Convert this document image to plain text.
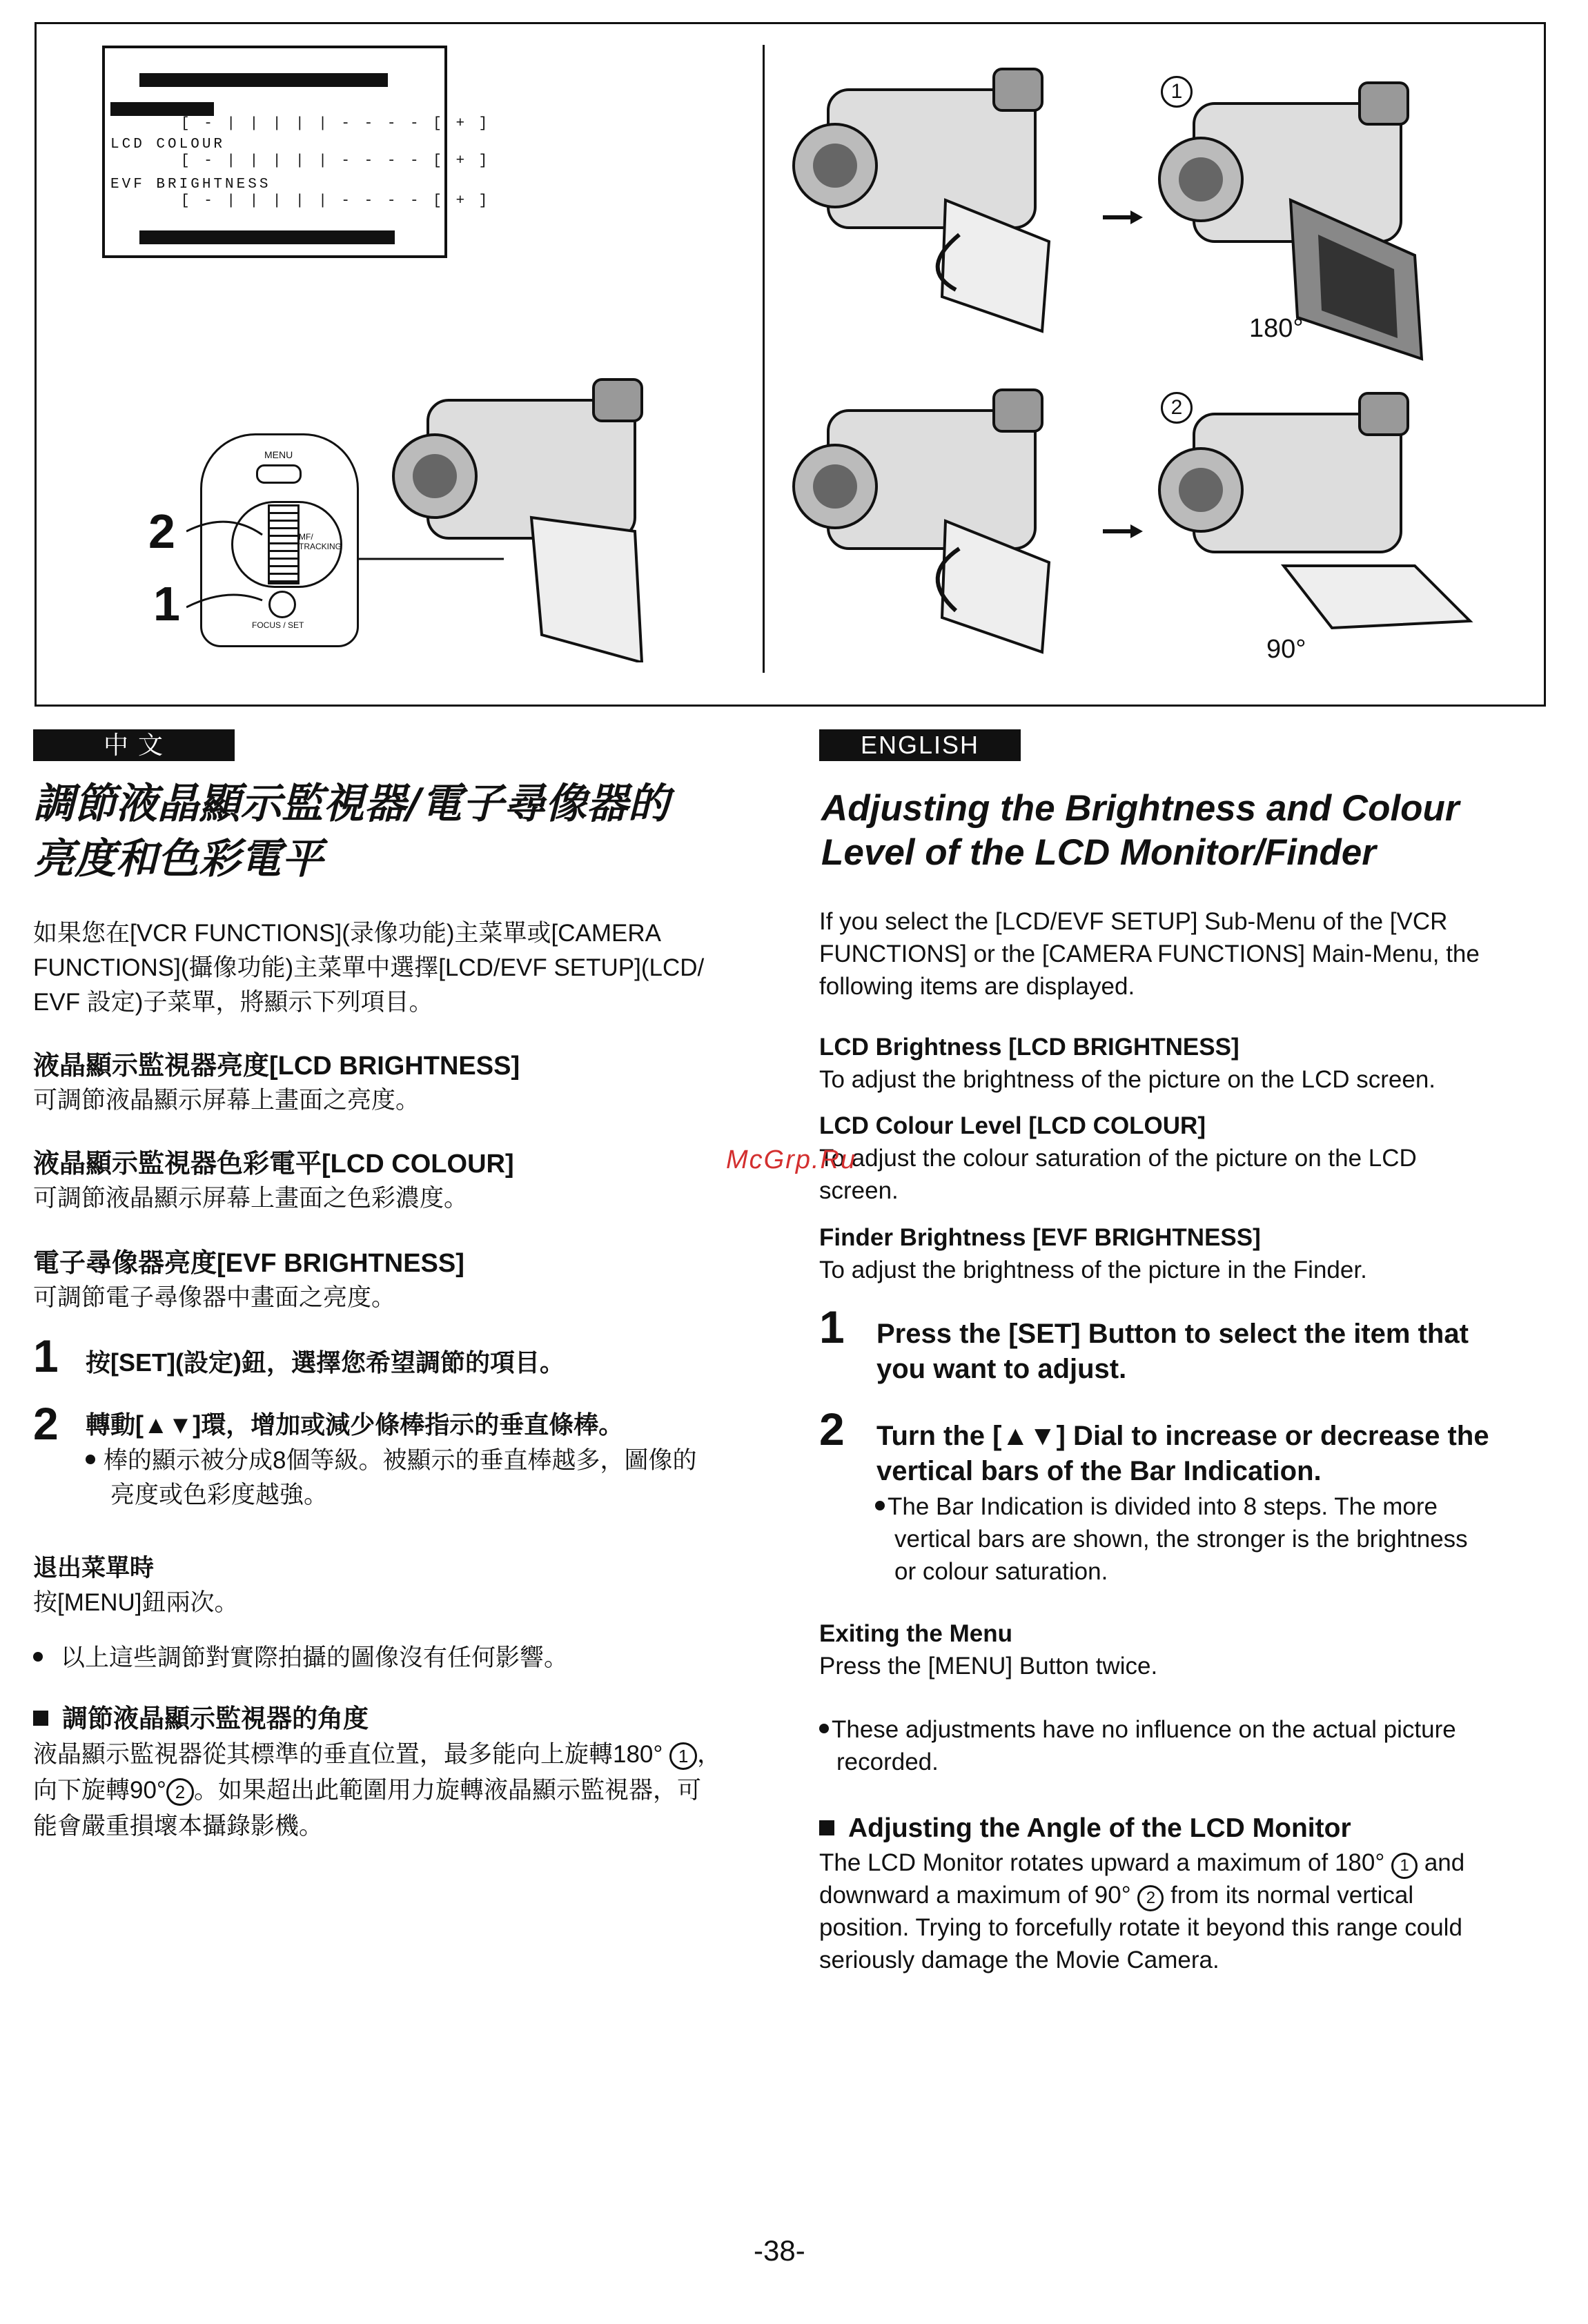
[ - | | | | | - - - - [ + ]
LCD COLOUR
[ - | | | | | - - - - [ + ]
EVF BRIGHTNESS
[ - | | | | | - - - - [ + ]
MENU
MF/ TRACKING
FOCUS / SET
2
1
1
180°
2
90°
中 文
調節液晶顯示監視器/電子尋像器的
亮度和色彩電平
如果您在[VCR FUNCTIONS](录像功能)主菜單或[CAMERA
FUNCTIONS](攝像功能)主菜單中選擇[LCD/EVF SETUP](LCD/
EVF 設定)子菜單，將顯示下列項目。
液晶顯示監視器亮度[LCD BRIGHTNESS]
可調節液晶顯示屏幕上畫面之亮度。
液晶顯示監視器色彩電平[LCD COLOUR]
可調節液晶顯示屏幕上畫面之色彩濃度。
電子尋像器亮度[EVF BRIGHTNESS]
可調節電子尋像器中畫面之亮度。
1 按[SET](設定)鈕，選擇您希望調節的項目。
2 轉動[▲▼]環，增加或減少條棒指示的垂直條棒。
棒的顯示被分成8個等級。被顯示的垂直棒越多，圖像的
亮度或色彩度越強。
退出菜單時
按[MENU]鈕兩次。
以上這些調節對實際拍攝的圖像沒有任何影響。
調節液晶顯示監視器的角度
液晶顯示監視器從其標準的垂直位置，最多能向上旋轉180° 1 ，
向下旋轉90° 2 。如果超出此範圍用力旋轉液晶顯示監視器，可
能會嚴重損壞本攝錄影機。
ENGLISH
Adjusting the Brightness and Colour
Level of the LCD Monitor/Finder
If you select the [LCD/EVF SETUP] Sub-Menu of the [VCR
FUNCTIONS] or the [CAMERA FUNCTIONS] Main-Menu, the
following items are displayed.
LCD Brightness [LCD BRIGHTNESS]
To adjust the brightness of the picture on the LCD screen.
LCD Colour Level [LCD COLOUR]
To adjust the colour saturation of the picture on the LCD
screen.
Finder Brightness [EVF BRIGHTNESS]
To adjust the brightness of the picture in the Finder.
1 Press the [SET] Button to select the item that
you want to adjust.
2 Turn the [▲▼] Dial to increase or decrease the
vertical bars of the Bar Indication.
The Bar Indication is divided into 8 steps. The more
vertical bars are shown, the stronger is the brightness
or colour saturation.
Exiting the Menu
Press the [MENU] Button twice.
These adjustments have no influence on the actual picture
recorded.
Adjusting the Angle of the LCD Monitor
The LCD Monitor rotates upward a maximum of 180° 1 and
downward a maximum of 90° 2 from its normal vertical
position. Trying to forcefully rotate it beyond this range could
seriously damage the Movie Camera.
McGrp.Ru
-38-
